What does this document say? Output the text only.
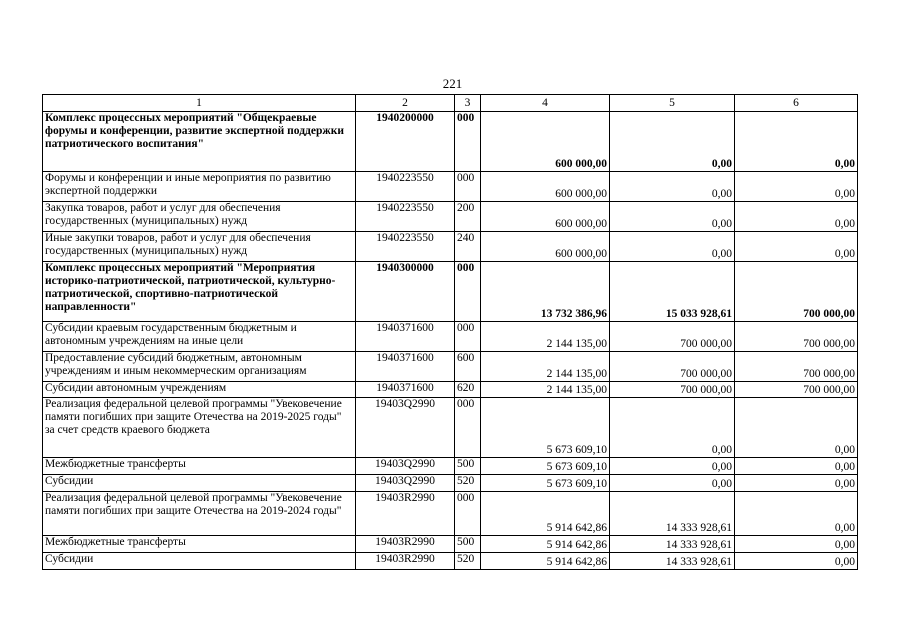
221
1	2	3	4	5	6
Комплекс процессных мероприятий "Общекраевые форумы и конференции, развитие экспертной поддержки патриотического воспитания"	1940200000	000	600 000,00	0,00	0,00
Форумы и конференции и иные мероприятия по развитию экспертной поддержки	1940223550	000	600 000,00	0,00	0,00
Закупка товаров, работ и услуг для обеспечения государственных (муниципальных) нужд	1940223550	200	600 000,00	0,00	0,00
Иные закупки товаров, работ и услуг для обеспечения государственных (муниципальных) нужд	1940223550	240	600 000,00	0,00	0,00
Комплекс процессных мероприятий "Мероприятия историко-патриотической, патриотической, культурно-патриотической, спортивно-патриотической направленности"	1940300000	000	13 732 386,96	15 033 928,61	700 000,00
Субсидии краевым государственным бюджетным и автономным учреждениям на иные цели	1940371600	000	2 144 135,00	700 000,00	700 000,00
Предоставление субсидий бюджетным, автономным учреждениям и иным некоммерческим организациям	1940371600	600	2 144 135,00	700 000,00	700 000,00
Субсидии автономным учреждениям	1940371600	620	2 144 135,00	700 000,00	700 000,00
Реализация федеральной целевой программы "Увековечение памяти погибших при защите Отечества на 2019-2025 годы" за счет средств краевого бюджета	19403Q2990	000	5 673 609,10	0,00	0,00
Межбюджетные трансферты	19403Q2990	500	5 673 609,10	0,00	0,00
Субсидии	19403Q2990	520	5 673 609,10	0,00	0,00
Реализация федеральной целевой программы "Увековечение памяти погибших при защите Отечества на 2019-2024 годы"	19403R2990	000	5 914 642,86	14 333 928,61	0,00
Межбюджетные трансферты	19403R2990	500	5 914 642,86	14 333 928,61	0,00
Субсидии	19403R2990	520	5 914 642,86	14 333 928,61	0,00
